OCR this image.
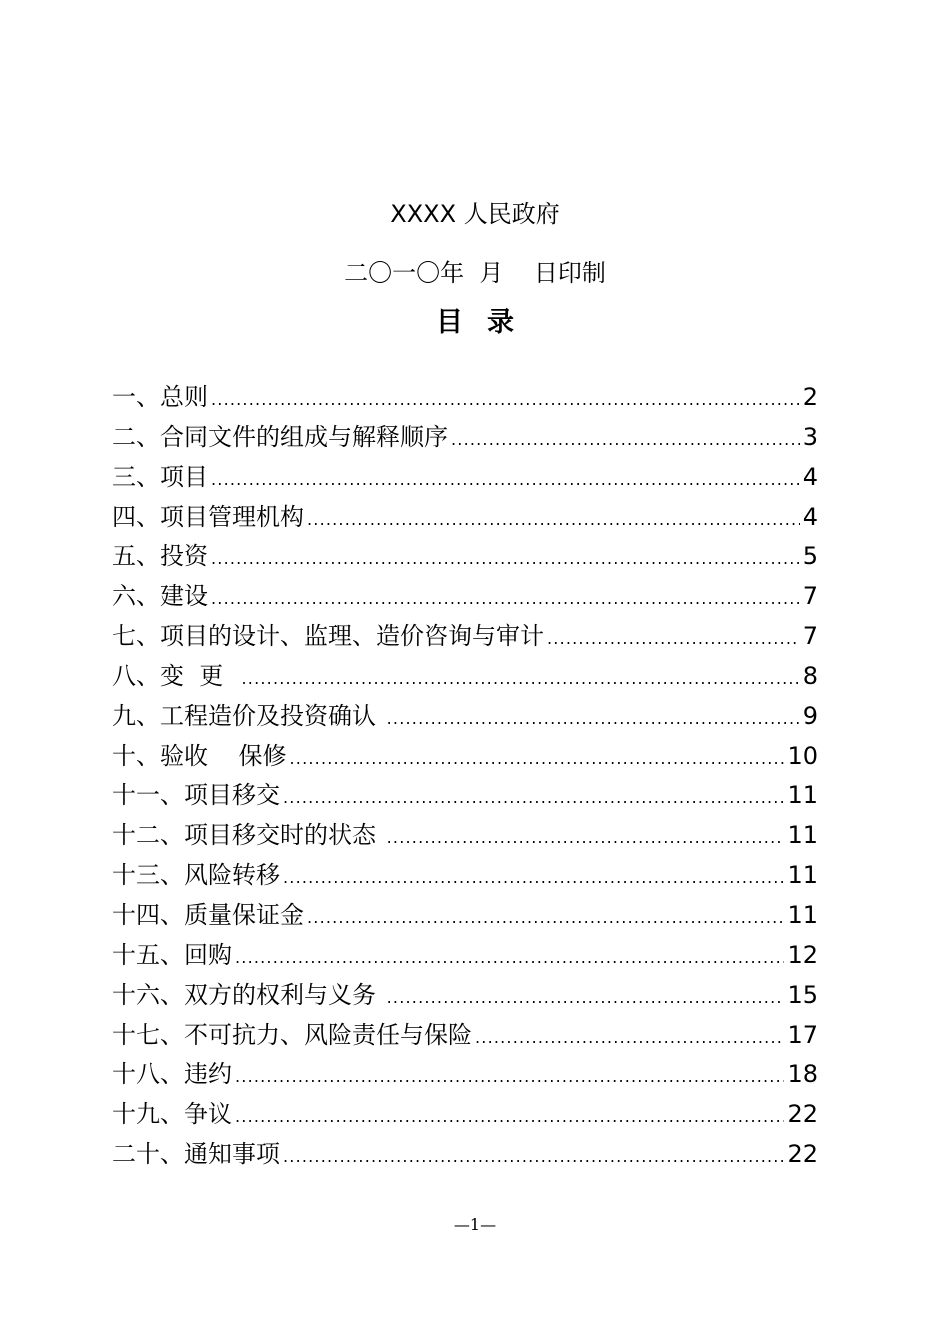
XXXX 人民政府
二〇一〇年  月    日印制
目录
一、总则 .....	2
二、合同文件的组成与解释顺序 .....	3
三、项目 .....	4
四、项目管理机构 .....	4
五、投资 .....	5
六、建设 .....	7
七、项目的设计、监理、造价咨询与审计 .....	7
八、变  更 .....	8
九、工程造价及投资确认 .....	9
十、验收    保修 .....	10
十一、项目移交 .....	11
十二、项目移交时的状态 .....	11
十三、风险转移 .....	11
十四、质量保证金 .....	11
十五、回购 .....	12
十六、双方的权利与义务 .....	15
十七、不可抗力、风险责任与保险 .....	17
十八、违约 .....	18
十九、争议 .....	22
二十、通知事项 .....	22
—1—
